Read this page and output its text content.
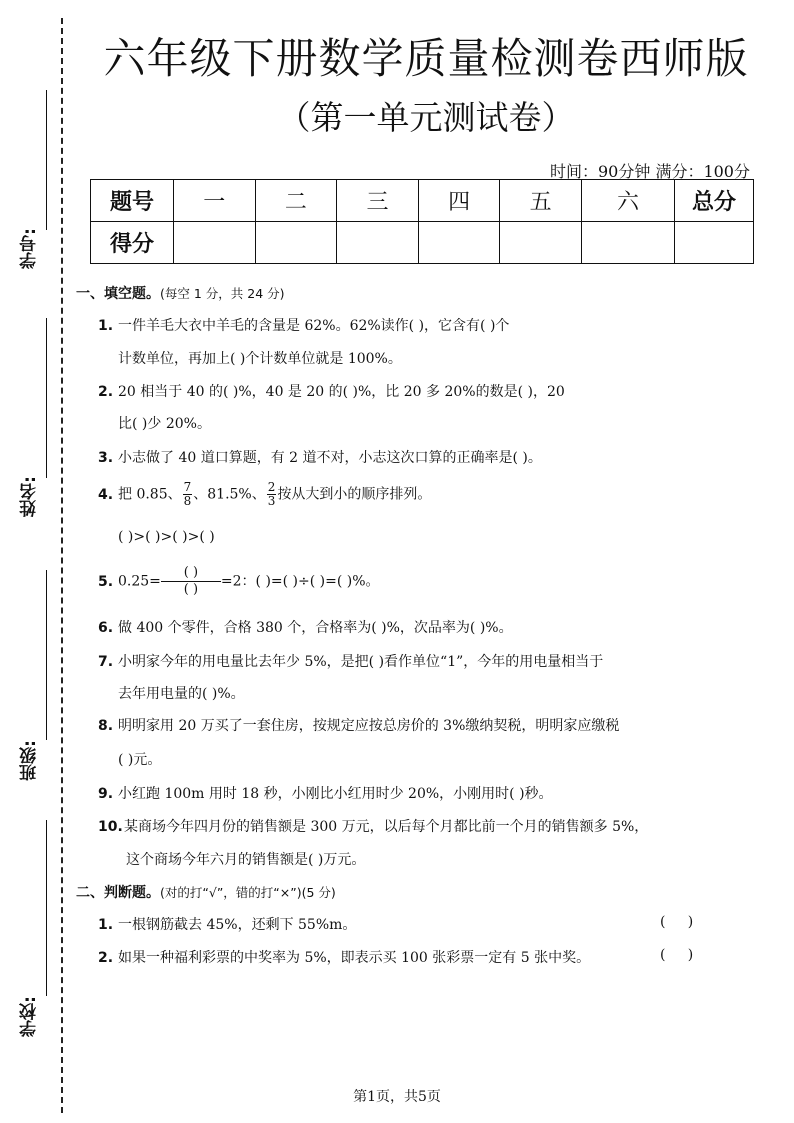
学号:
姓名:
班级:
学校:
六年级下册数学质量检测卷西师版
（第一单元测试卷）
时间：90分钟 满分：100分
题号	一	二	三	四	五	六	总分
得分							
一、填空题。(每空 1 分，共 24 分)
1. 一件羊毛大衣中羊毛的含量是 62%。62%读作( )，它含有( )个
计数单位，再加上( )个计数单位就是 100%。
2. 20 相当于 40 的( )%，40 是 20 的( )%，比 20 多 20%的数是( )，20
比( )少 20%。
3. 小志做了 40 道口算题，有 2 道不对，小志这次口算的正确率是( )。
4. 把 0.85、 $\frac{7}{8}$ 、81.5%、 $\frac{2}{3}$ 按从大到小的顺序排列。
( )>( )>( )>( )
5. $0.25= \frac{( )}{( )} =2$：( )=( )÷( )=( )%。
6. 做 400 个零件，合格 380 个，合格率为( )%，次品率为( )%。
7. 小明家今年的用电量比去年少 5%，是把( )看作单位“1”，今年的用电量相当于
去年用电量的( )%。
8. 明明家用 20 万买了一套住房，按规定应按总房价的 3%缴纳契税，明明家应缴税
( )元。
9. 小红跑 100m 用时 18 秒，小刚比小红用时少 20%，小刚用时( )秒。
10.某商场今年四月份的销售额是 300 万元，以后每个月都比前一个月的销售额多 5%，
这个商场今年六月的销售额是( )万元。
二、判断题。(对的打“√”，错的打“×”)(5 分)
1. 一根钢筋截去 45%，还剩下 55%m。	(     )
2. 如果一种福利彩票的中奖率为 5%，即表示买 100 张彩票一定有 5 张中奖。	(     )
第1页，共5页
